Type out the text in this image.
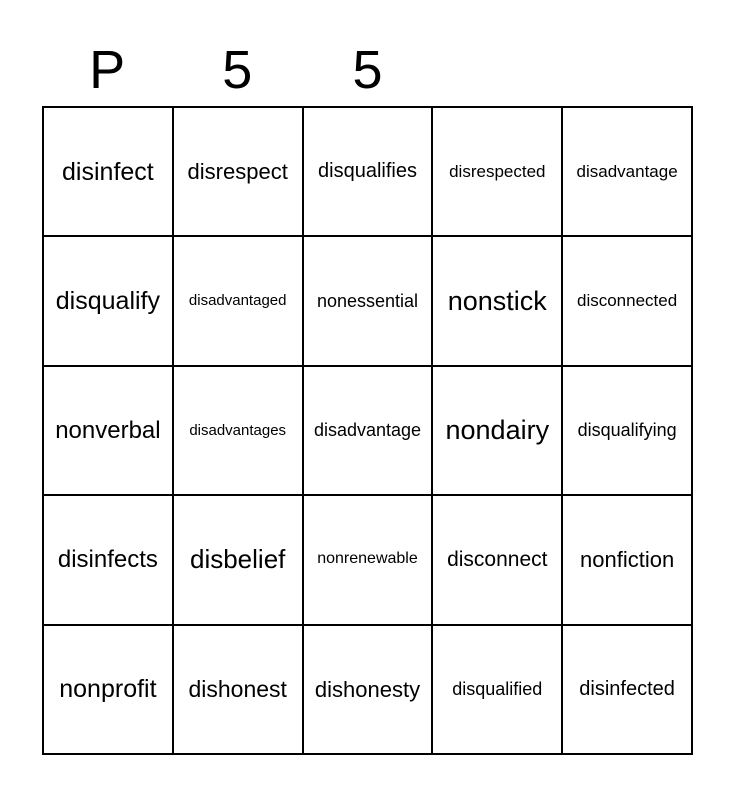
P	5	5
disinfect disrespect disqualifies disrespected disadvantage
disqualify disadvantaged nonessential nonstick disconnected
nonverbal disadvantages disadvantage nondairy disqualifying
disinfects disbelief nonrenewable disconnect nonfiction
nonprofit dishonest dishonesty disqualified disinfected
